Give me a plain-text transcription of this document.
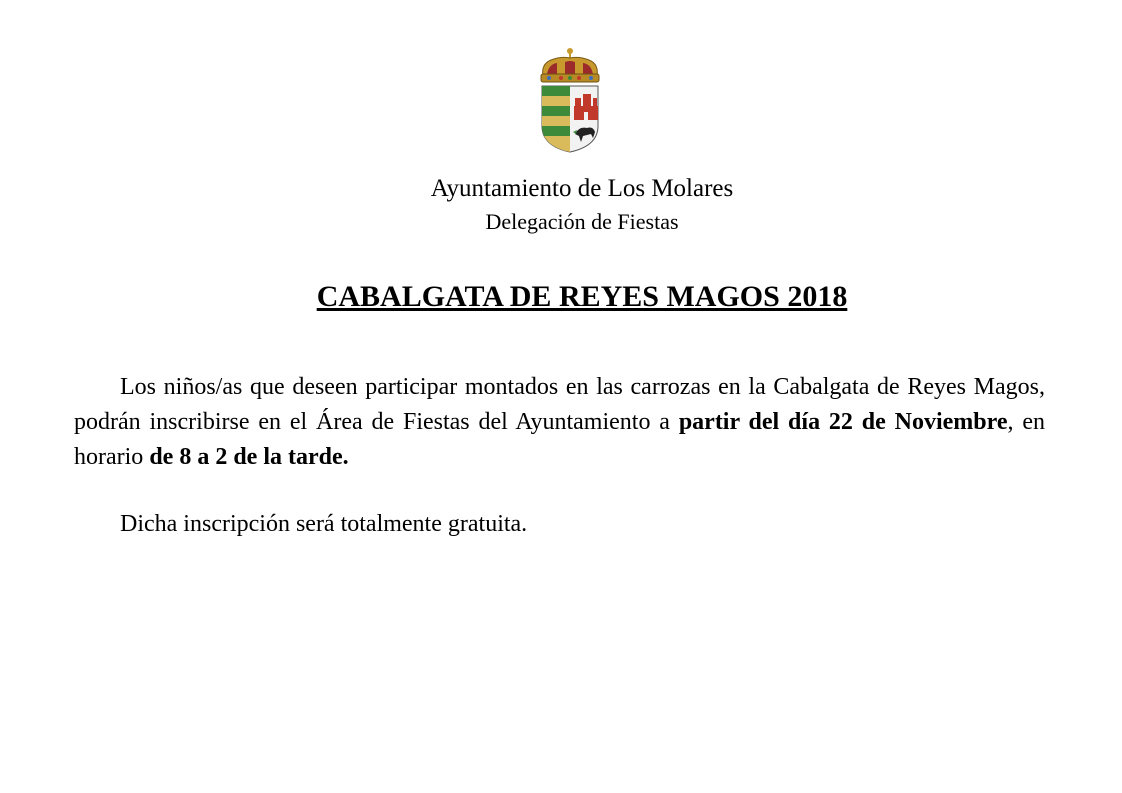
Ayuntamiento de Los Molares
Delegación de Fiestas
CABALGATA DE REYES MAGOS 2018

Los niños/as que deseen participar montados en las carrozas en la Cabalgata de Reyes Magos, podrán inscribirse en el Área de Fiestas del Ayuntamiento a partir del día 22 de Noviembre, en horario de 8 a 2 de la tarde.

Dicha inscripción será totalmente gratuita.
